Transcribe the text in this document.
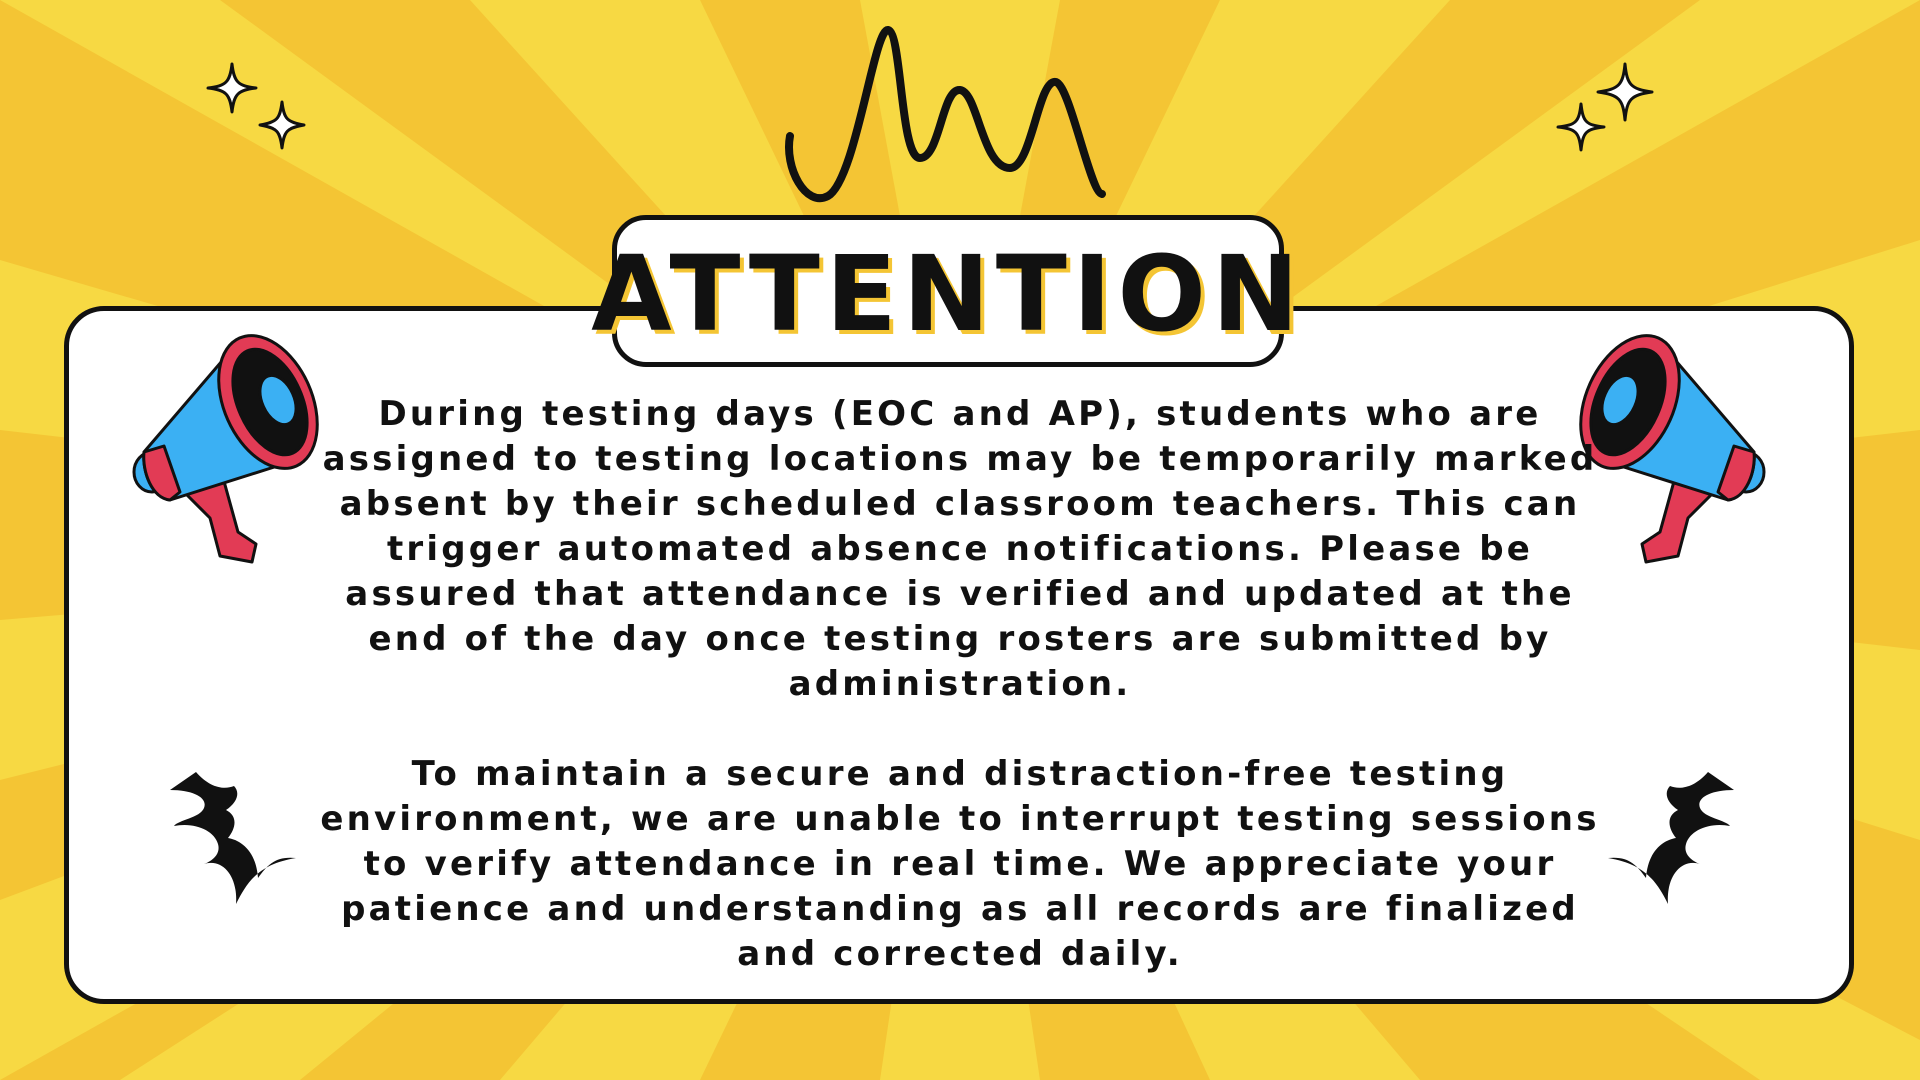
ATTENTION

During testing days (EOC and AP), students who are assigned to testing locations may be temporarily marked absent by their scheduled classroom teachers. This can trigger automated absence notifications. Please be assured that attendance is verified and updated at the end of the day once testing rosters are submitted by administration.

To maintain a secure and distraction-free testing environment, we are unable to interrupt testing sessions to verify attendance in real time. We appreciate your patience and understanding as all records are finalized and corrected daily.
